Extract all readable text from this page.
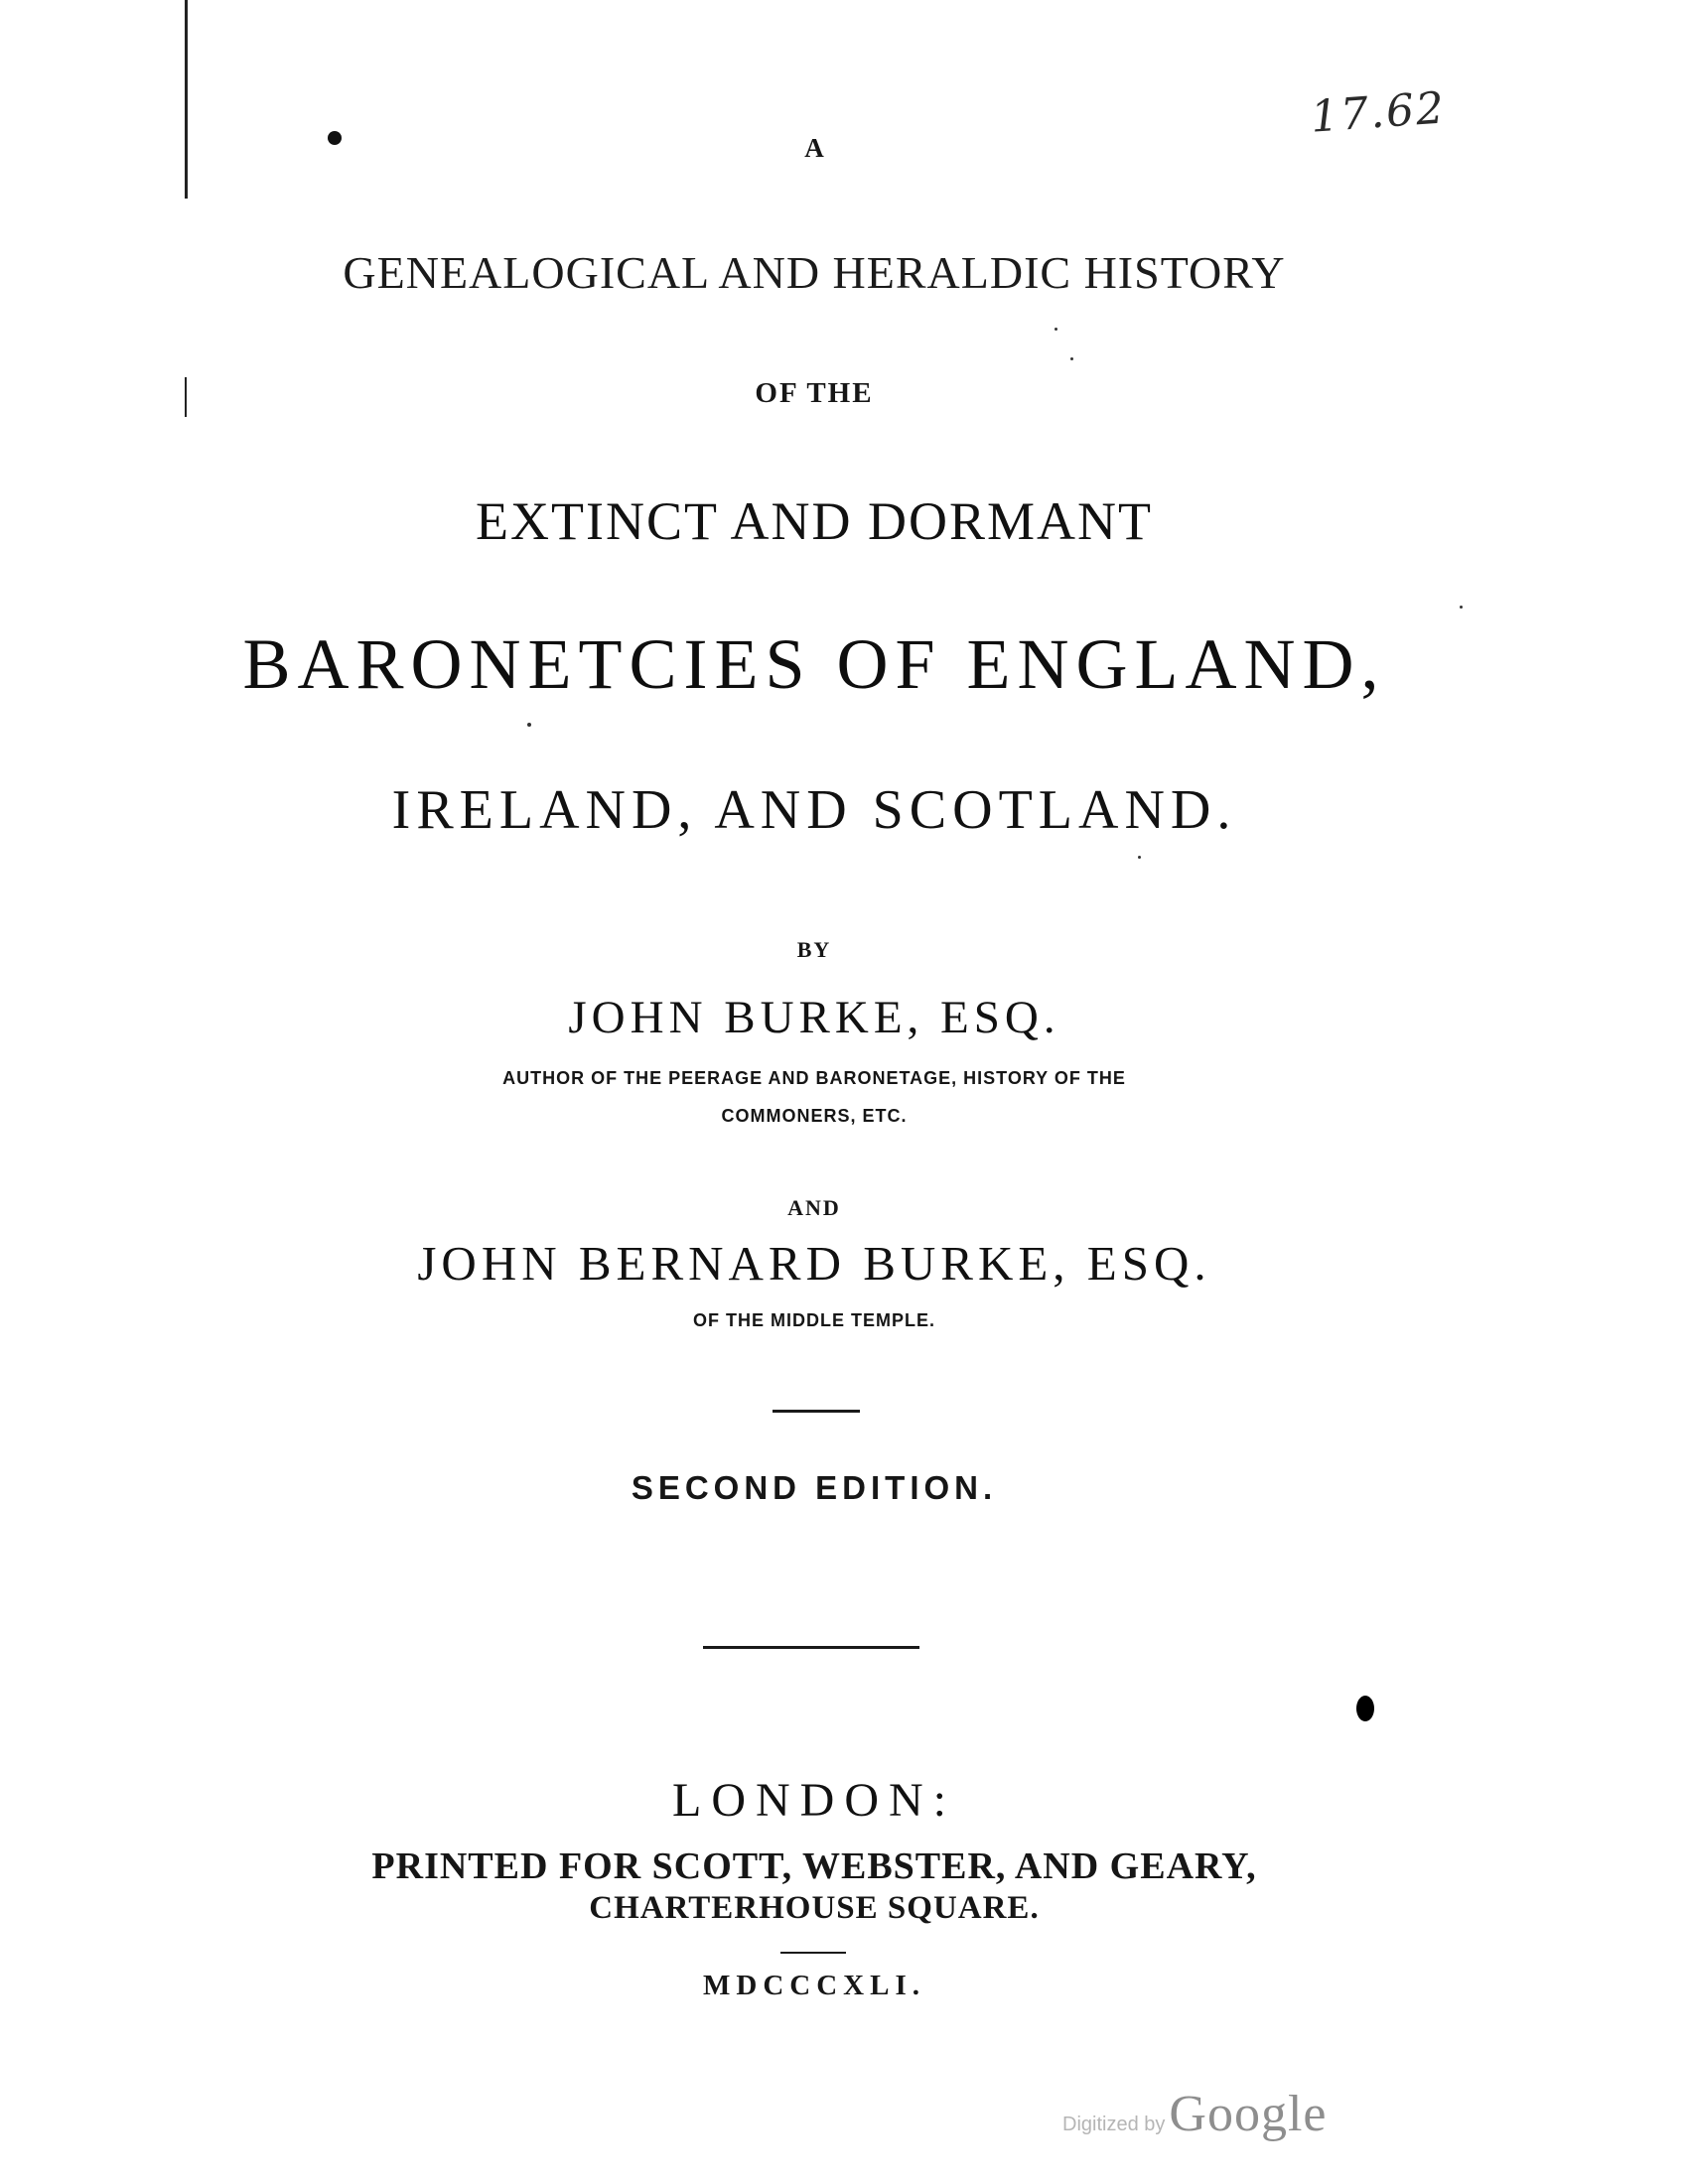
17.62
A
GENEALOGICAL AND HERALDIC HISTORY
OF THE
EXTINCT AND DORMANT
BARONETCIES OF ENGLAND,
IRELAND, AND SCOTLAND.
BY
JOHN BURKE, ESQ.
AUTHOR OF THE PEERAGE AND BARONETAGE, HISTORY OF THE
COMMONERS, ETC.
AND
JOHN BERNARD BURKE, ESQ.
OF THE MIDDLE TEMPLE.
SECOND EDITION.
LONDON:
PRINTED FOR SCOTT, WEBSTER, AND GEARY,
CHARTERHOUSE SQUARE.
MDCCCXLI.
Digitized by Google
